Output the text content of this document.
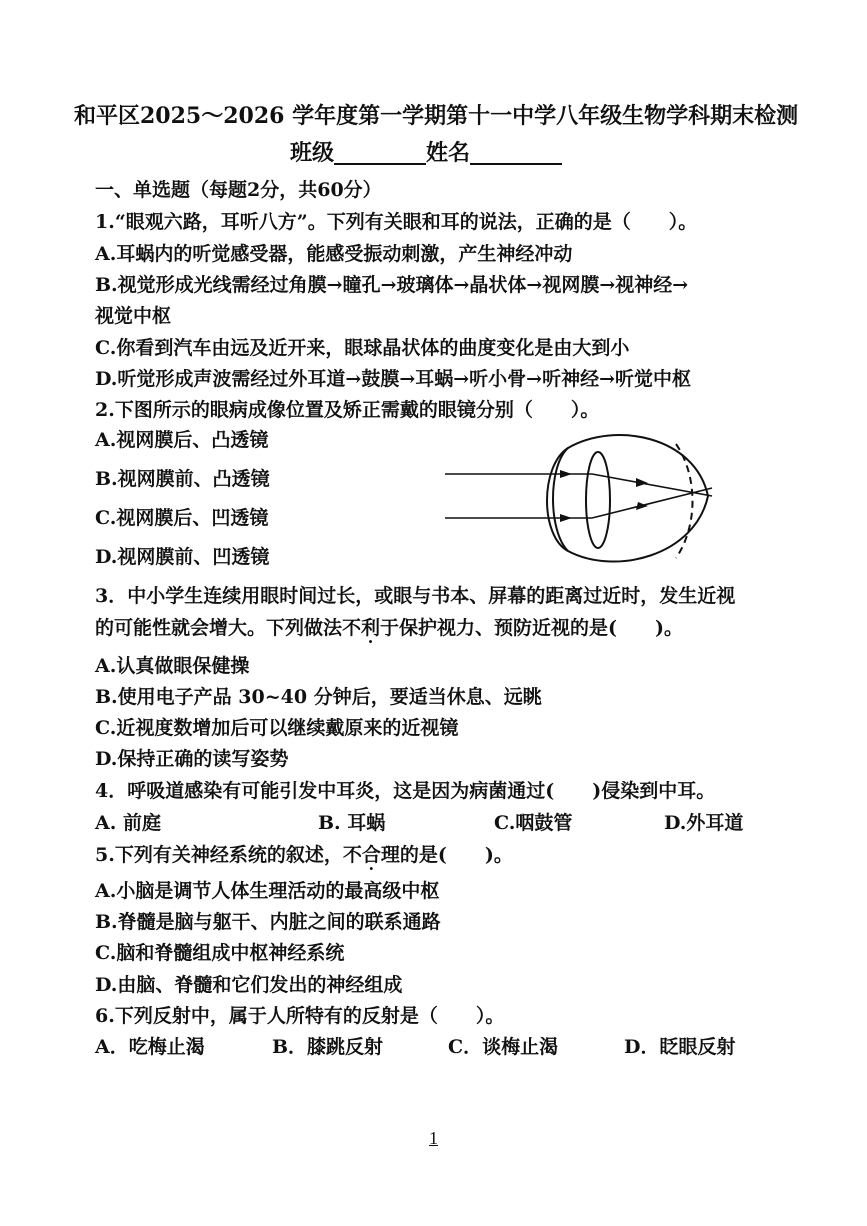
和平区2025～2026 学年度第一学期第十一中学八年级生物学科期末检测
班级	姓名
一、单选题（每题2分，共60分）
1.“眼观六路，耳听八方”。下列有关眼和耳的说法，正确的是（　　）。
A.耳蜗内的听觉感受器，能感受振动刺激，产生神经冲动
B.视觉形成光线需经过角膜→瞳孔→玻璃体→晶状体→视网膜→视神经→
视觉中枢
C.你看到汽车由远及近开来，眼球晶状体的曲度变化是由大到小
D.听觉形成声波需经过外耳道→鼓膜→耳蜗→听小骨→听神经→听觉中枢
2.下图所示的眼病成像位置及矫正需戴的眼镜分别（　　）。
A.视网膜后、凸透镜
B.视网膜前、凸透镜
C.视网膜后、凹透镜
D.视网膜前、凹透镜
3．中小学生连续用眼时间过长，或眼与书本、屏幕的距离过近时，发生近视
的可能性就会增大。下列做法不利于保护视力、预防近视的是(　　)。
A.认真做眼保健操
B.使用电子产品 30~40 分钟后，要适当休息、远眺
C.近视度数增加后可以继续戴原来的近视镜
D.保持正确的读写姿势
4．呼吸道感染有可能引发中耳炎，这是因为病菌通过(　　)侵染到中耳。
A. 前庭	B. 耳蜗	C.咽鼓管	D.外耳道
5.下列有关神经系统的叙述，不合理的是(　　)。
A.小脑是调节人体生理活动的最高级中枢
B.脊髓是脑与躯干、内脏之间的联系通路
C.脑和脊髓组成中枢神经系统
D.由脑、脊髓和它们发出的神经组成
6.下列反射中，属于人所特有的反射是（　　）。
A．吃梅止渴	B．膝跳反射	C．谈梅止渴	D．眨眼反射
1
